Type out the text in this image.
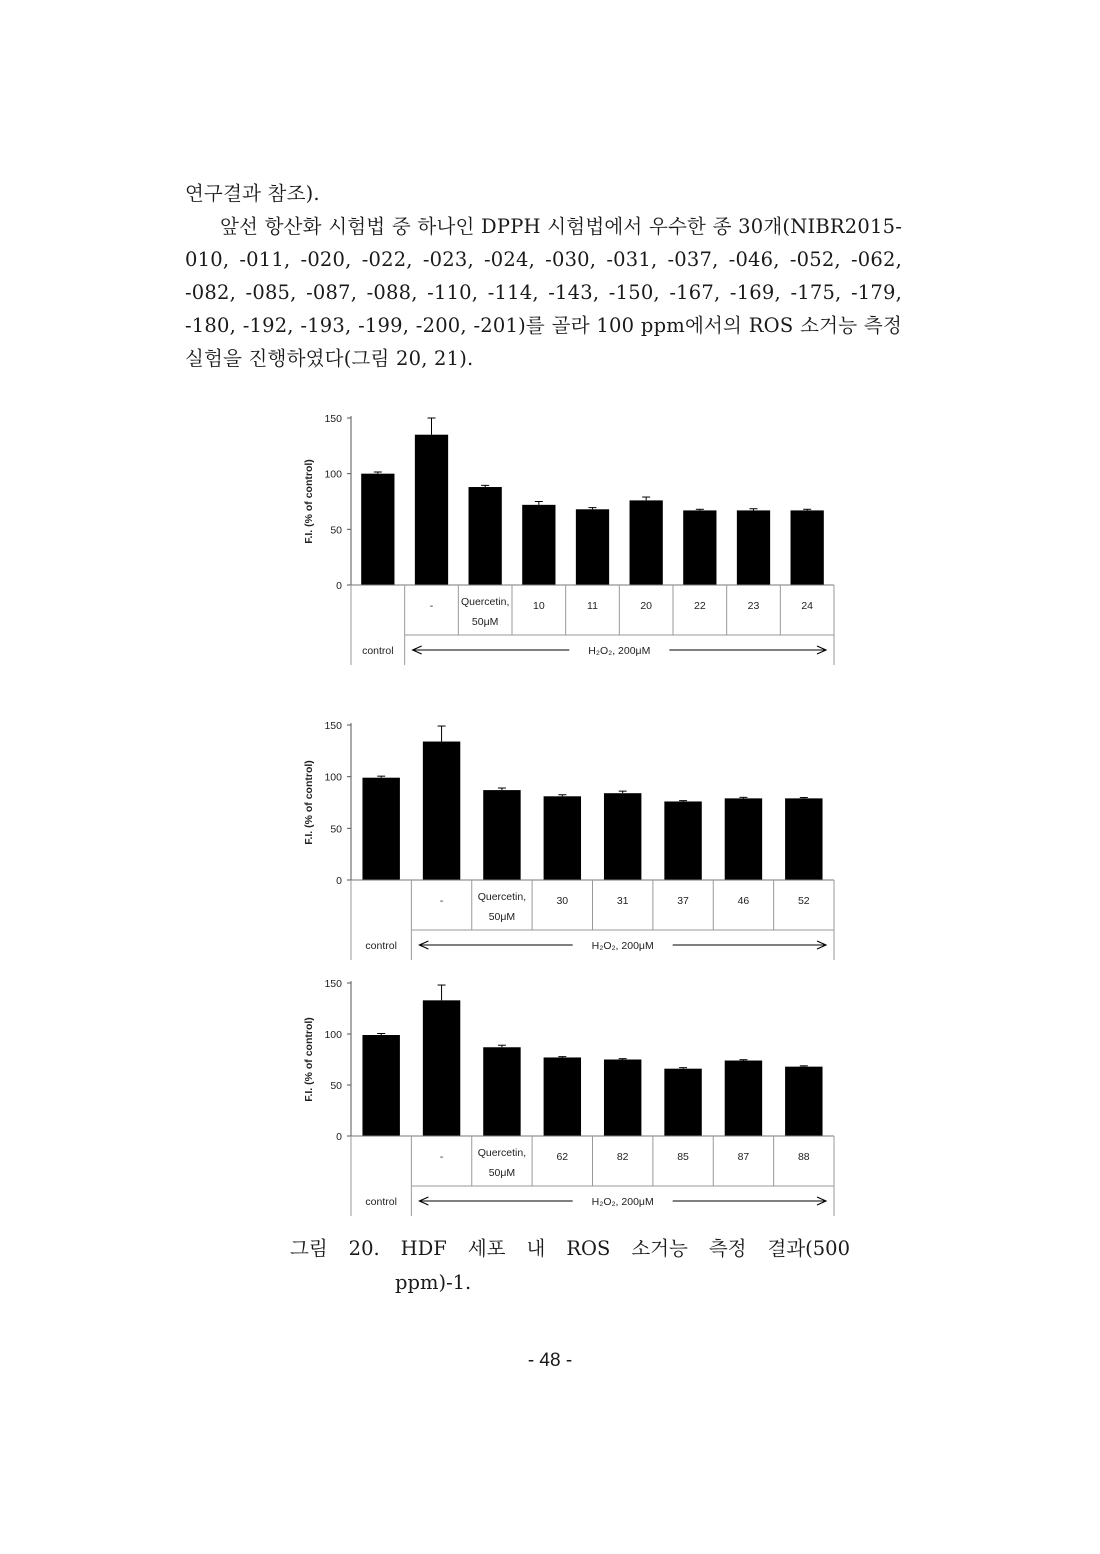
연구결과 참조).
앞선 항산화 시험법 중 하나인 DPPH 시험법에서 우수한 종 30개(NIBR2015-010, -011, -020, -022, -023, -024, -030, -031, -037, -046, -052, -062, -082, -085, -087, -088, -110, -114, -143, -150, -167, -169, -175, -179, -180, -192, -193, -199, -200, -201)를 골라 100 ppm에서의 ROS 소거능 측정 실험을 진행하였다(그림 20, 21).
0
50
100
150
F.I. (% of control)
-	Quercetin,
50μM
10	11	20	22	23	24
control	H₂O₂, 200μM
0
50
100
150
F.I. (% of control)
-	Quercetin,
50μM
30	31	37	46	52
control	H₂O₂, 200μM
0
50
100
150
F.I. (% of control)
-	Quercetin,
50μM
62	82	85	87	88
control	H₂O₂, 200μM
그림 20. HDF 세포 내 ROS 소거능 측정 결과(500
ppm)-1.
- 48 -
